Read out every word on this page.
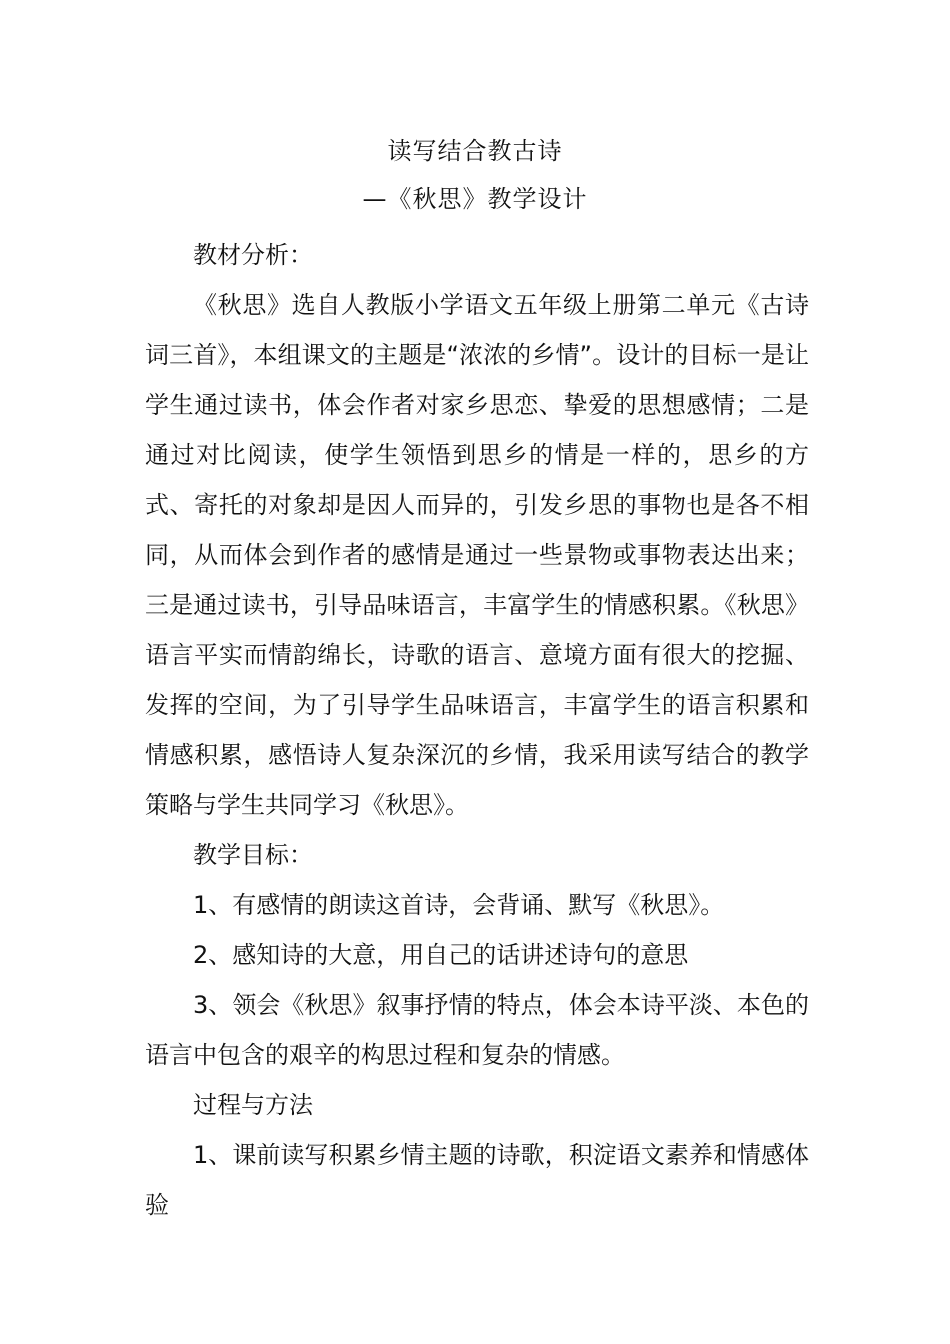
读写结合教古诗
—《秋思》教学设计

教材分析：

《秋思》选自人教版小学语文五年级上册第二单元《古诗词三首》，本组课文的主题是“浓浓的乡情”。设计的目标一是让学生通过读书，体会作者对家乡思恋、挚爱的思想感情；二是通过对比阅读，使学生领悟到思乡的情是一样的，思乡的方式、寄托的对象却是因人而异的，引发乡思的事物也是各不相同，从而体会到作者的感情是通过一些景物或事物表达出来；三是通过读书，引导品味语言，丰富学生的情感积累。《秋思》语言平实而情韵绵长，诗歌的语言、意境方面有很大的挖掘、发挥的空间，为了引导学生品味语言，丰富学生的语言积累和情感积累，感悟诗人复杂深沉的乡情，我采用读写结合的教学策略与学生共同学习《秋思》。

教学目标：

1、有感情的朗读这首诗，会背诵、默写《秋思》。

2、感知诗的大意，用自己的话讲述诗句的意思

3、领会《秋思》叙事抒情的特点，体会本诗平淡、本色的语言中包含的艰辛的构思过程和复杂的情感。

过程与方法

1、课前读写积累乡情主题的诗歌，积淀语文素养和情感体验
